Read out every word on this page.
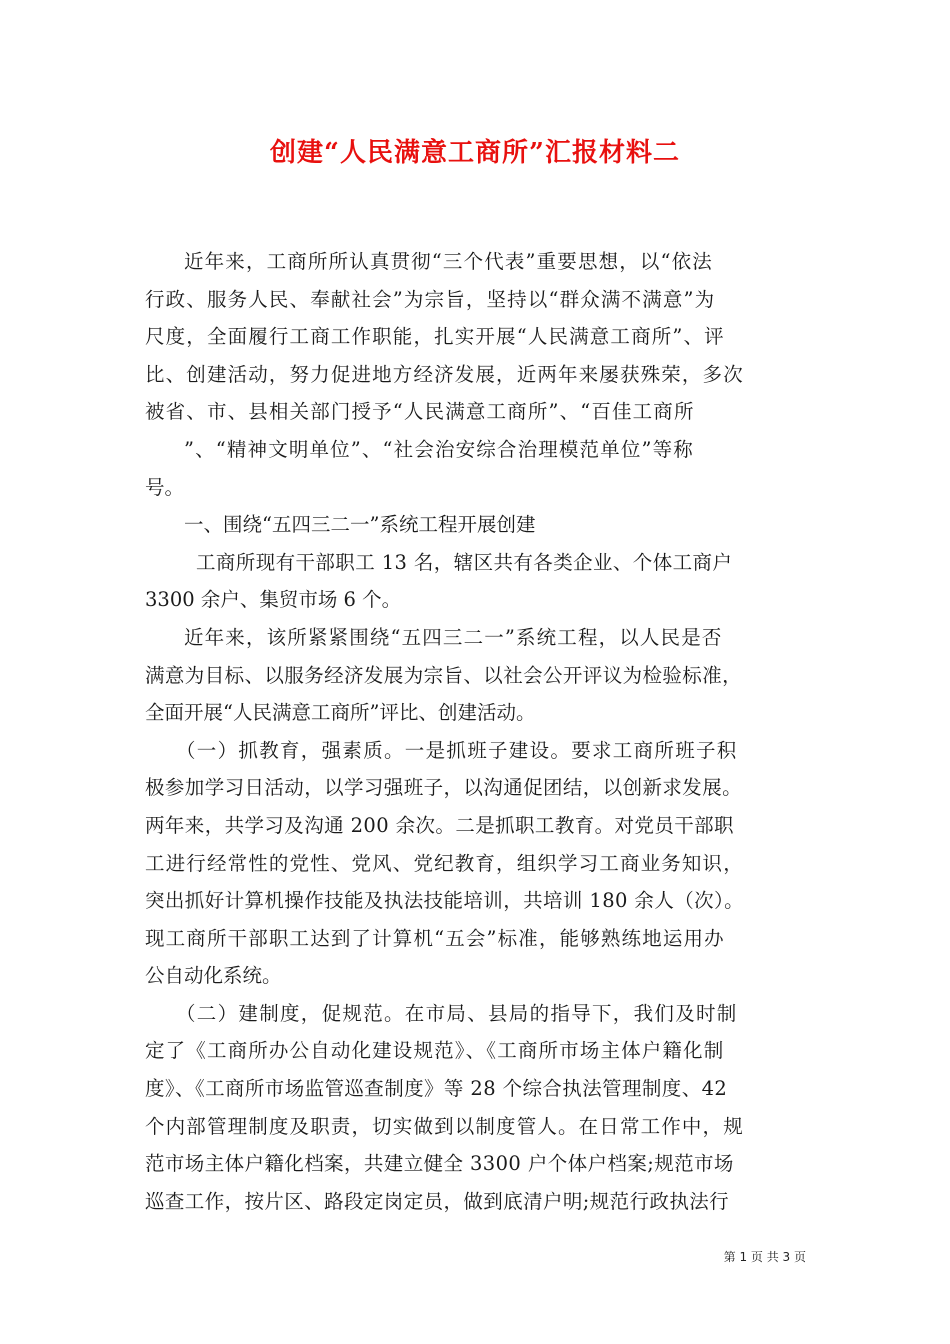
创建“人民满意工商所”汇报材料二
近年来，工商所所认真贯彻“三个代表”重要思想，以“依法
行政、服务人民、奉献社会”为宗旨，坚持以“群众满不满意”为
尺度，全面履行工商工作职能，扎实开展“人民满意工商所”、评
比、创建活动，努力促进地方经济发展，近两年来屡获殊荣，多次
被省、市、县相关部门授予“人民满意工商所”、“百佳工商所
”、“精神文明单位”、“社会治安综合治理模范单位”等称
号。
一、围绕“五四三二一”系统工程开展创建
工商所现有干部职工 13 名，辖区共有各类企业、个体工商户
3300 余户、集贸市场 6 个。
近年来，该所紧紧围绕“五四三二一”系统工程，以人民是否
满意为目标、以服务经济发展为宗旨、以社会公开评议为检验标准，
全面开展“人民满意工商所”评比、创建活动。
（一）抓教育，强素质。一是抓班子建设。要求工商所班子积
极参加学习日活动，以学习强班子，以沟通促团结，以创新求发展。
两年来，共学习及沟通 200 余次。二是抓职工教育。对党员干部职
工进行经常性的党性、党风、党纪教育，组织学习工商业务知识，
突出抓好计算机操作技能及执法技能培训，共培训 180 余人（次）。
现工商所干部职工达到了计算机“五会”标准，能够熟练地运用办
公自动化系统。
（二）建制度，促规范。在市局、县局的指导下，我们及时制
定了《工商所办公自动化建设规范》、《工商所市场主体户籍化制
度》、《工商所市场监管巡查制度》等 28 个综合执法管理制度、42
个内部管理制度及职责，切实做到以制度管人。在日常工作中，规
范市场主体户籍化档案，共建立健全 3300 户个体户档案;规范市场
巡查工作，按片区、路段定岗定员，做到底清户明;规范行政执法行
第 1 页 共 3 页
